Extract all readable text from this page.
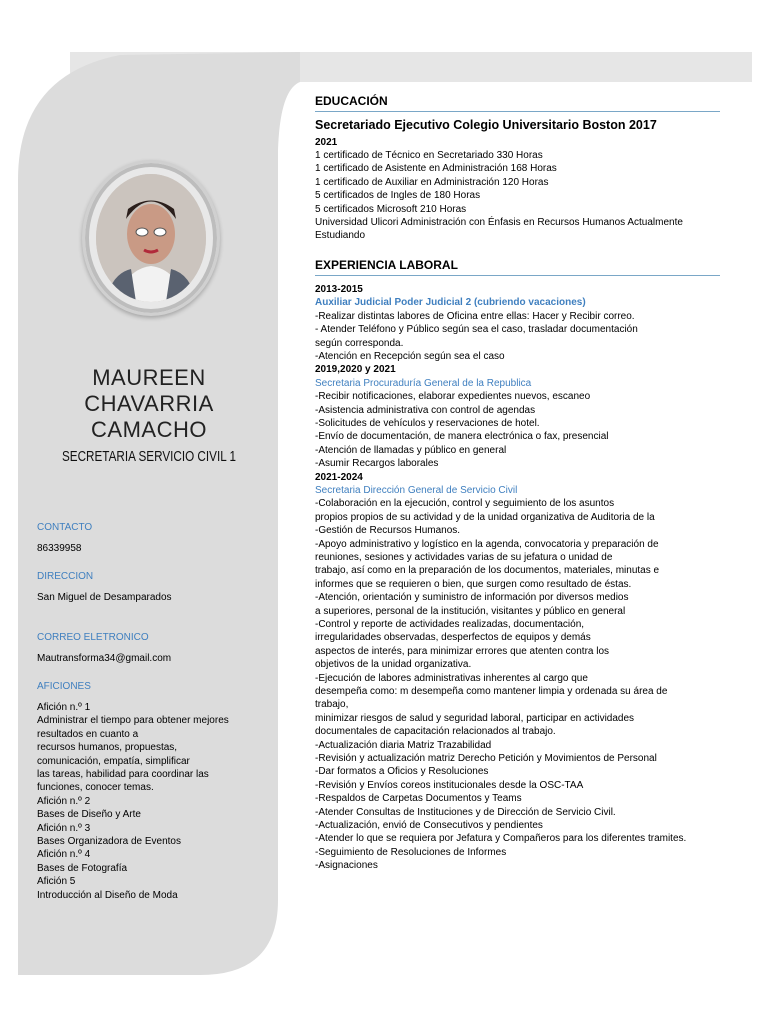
MAUREEN
CHAVARRIA
CAMACHO
SECRETARIA SERVICIO CIVIL 1
CONTACTO
86339958
DIRECCION
San Miguel de Desamparados
CORREO ELETRONICO
Mautransforma34@gmail.com
AFICIONES
Afición n.º 1
Administrar el tiempo para obtener mejores
resultados en cuanto a
recursos humanos, propuestas,
comunicación, empatía, simplificar
las tareas, habilidad para coordinar las
funciones, conocer temas.
Afición n.º 2
Bases de Diseño y Arte
Afición n.º 3
Bases Organizadora de Eventos
Afición n.º 4
Bases de Fotografía
Afición 5
Introducción al Diseño de Moda
EDUCACIÓN
Secretariado Ejecutivo Colegio Universitario Boston 2017
2021
1 certificado de Técnico en Secretariado 330 Horas
1 certificado de Asistente en Administración 168 Horas
1 certificado de Auxiliar en Administración 120 Horas
5 certificados de Ingles de 180 Horas
5 certificados Microsoft 210 Horas
Universidad Ulicori Administración con Énfasis en Recursos Humanos Actualmente
Estudiando
EXPERIENCIA LABORAL
2013-2015
Auxiliar Judicial Poder Judicial 2 (cubriendo vacaciones)
-Realizar distintas labores de Oficina entre ellas: Hacer y Recibir correo.
- Atender Teléfono y Público según sea el caso, trasladar documentación
según corresponda.
-Atención en Recepción según sea el caso
2019,2020 y 2021
Secretaria Procuraduría General de la Republica
-Recibir notificaciones, elaborar expedientes nuevos, escaneo
-Asistencia administrativa con control de agendas
-Solicitudes de vehículos y reservaciones de hotel.
-Envío de documentación, de manera electrónica o fax, presencial
-Atención de llamadas y público en general
-Asumir Recargos laborales
2021-2024
Secretaria Dirección General de Servicio Civil
-Colaboración en la ejecución, control y seguimiento de los asuntos
propios propios de su actividad y de la unidad organizativa de Auditoria de la
-Gestión de Recursos Humanos.
-Apoyo administrativo y logístico en la agenda, convocatoria y preparación de
reuniones, sesiones y actividades varias de su jefatura o unidad de
trabajo, así como en la preparación de los documentos, materiales, minutas e
informes que se requieren o bien, que surgen como resultado de éstas.
-Atención, orientación y suministro de información por diversos medios
a superiores, personal de la institución, visitantes y público en general
-Control y reporte de actividades realizadas, documentación,
irregularidades observadas, desperfectos de equipos y demás
aspectos de interés, para minimizar errores que atenten contra los
objetivos de la unidad organizativa.
-Ejecución de labores administrativas inherentes al cargo que
desempeña como: m desempeña como mantener limpia y ordenada su área de
trabajo,
minimizar riesgos de salud y seguridad laboral, participar en actividades
documentales de capacitación relacionados al trabajo.
-Actualización diaria Matriz Trazabilidad
-Revisión y actualización matriz Derecho Petición y Movimientos de Personal
-Dar formatos a Oficios y Resoluciones
-Revisión y Envíos coreos institucionales desde la OSC-TAA
-Respaldos de Carpetas Documentos y Teams
-Atender Consultas de Instituciones y de Dirección de Servicio Civil.
-Actualización, envió de Consecutivos y pendientes
-Atender lo que se requiera por Jefatura y Compañeros para los diferentes tramites.
-Seguimiento de Resoluciones de Informes
-Asignaciones
